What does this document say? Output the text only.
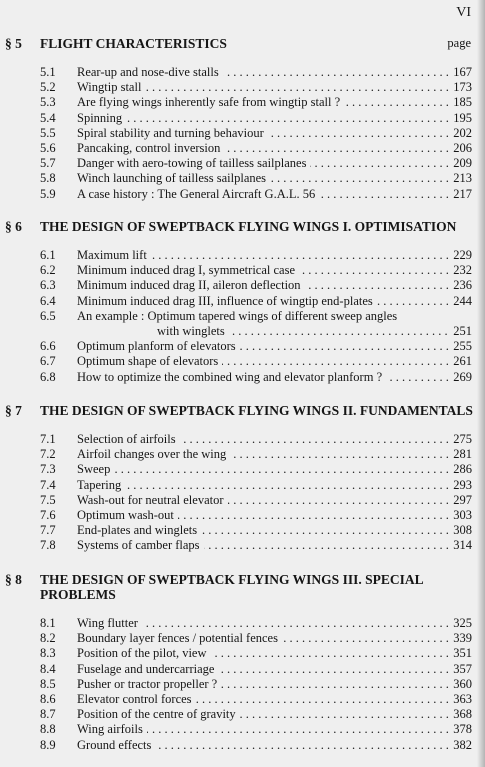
VI
page
§ 5 FLIGHT CHARACTERISTICS
5.1 Rear-up and nose-dive stalls . . .	167
5.2 Wingtip stall . . .	173
5.3 Are flying wings inherently safe from wingtip stall ? . . .	185
5.4 Spinning . . .	195
5.5 Spiral stability and turning behaviour . . .	202
5.6 Pancaking, control inversion . . .	206
5.7 Danger with aero-towing of tailless sailplanes . . .	209
5.8 Winch launching of tailless sailplanes . . .	213
5.9 A case history : The General Aircraft G.A.L. 56 . . .	217
§ 6 THE DESIGN OF SWEPTBACK FLYING WINGS I. OPTIMISATION
6.1 Maximum lift . . .	229
6.2 Minimum induced drag I, symmetrical case . . .	232
6.3 Minimum induced drag II, aileron deflection . . .	236
6.4 Minimum induced drag III, influence of wingtip end-plates . . .	244
6.5 An example : Optimum tapered wings of different sweep angles
with winglets . . .	251
6.6 Optimum planform of elevators . . .	255
6.7 Optimum shape of elevators . . .	261
6.8 How to optimize the combined wing and elevator planform ? . . .	269
§ 7 THE DESIGN OF SWEPTBACK FLYING WINGS II. FUNDAMENTALS
7.1 Selection of airfoils . . .	275
7.2 Airfoil changes over the wing . . .	281
7.3 Sweep . . .	286
7.4 Tapering . . .	293
7.5 Wash-out for neutral elevator . . .	297
7.6 Optimum wash-out . . .	303
7.7 End-plates and winglets . . .	308
7.8 Systems of camber flaps . . .	314
§ 8 THE DESIGN OF SWEPTBACK FLYING WINGS III. SPECIAL PROBLEMS
8.1 Wing flutter . . .	325
8.2 Boundary layer fences / potential fences . . .	339
8.3 Position of the pilot, view . . .	351
8.4 Fuselage and undercarriage . . .	357
8.5 Pusher or tractor propeller ? . . .	360
8.6 Elevator control forces . . .	363
8.7 Position of the centre of gravity . . .	368
8.8 Wing airfoils . . .	378
8.9 Ground effects . . .	382
